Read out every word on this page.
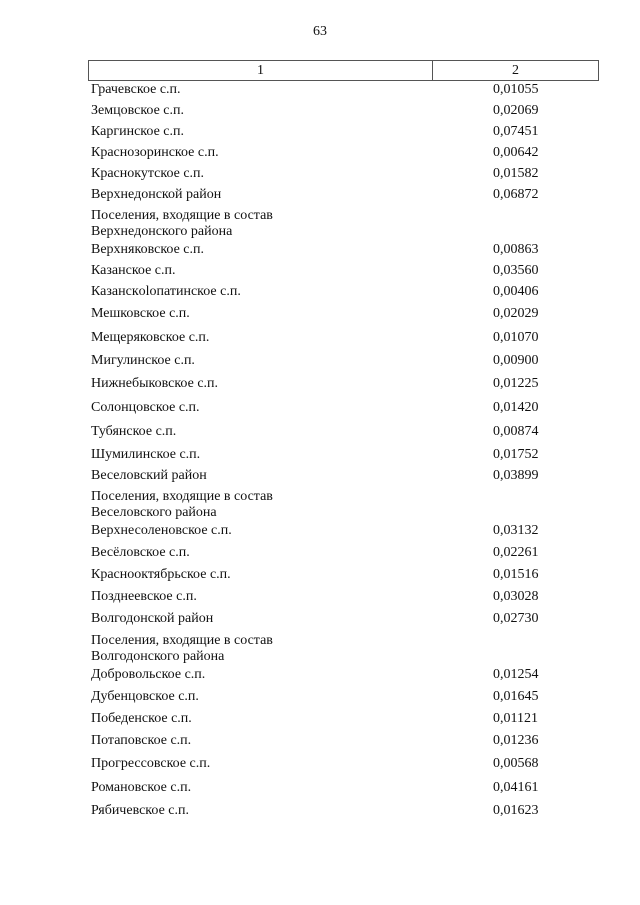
63
1	2
Грачевское с.п.	0,01055
Земцовское с.п.	0,02069
Каргинское с.п.	0,07451
Краснозоринское с.п.	0,00642
Краснокутское с.п.	0,01582
Верхнедонской район	0,06872
Поселения, входящие в состав
Верхнедонского района
Верхняковское с.п.	0,00863
Казанское с.п.	0,03560
Казанскolопатинское с.п.	0,00406
Мешковское с.п.	0,02029
Мещеряковское с.п.	0,01070
Мигулинское с.п.	0,00900
Нижнебыковское с.п.	0,01225
Солонцовское с.п.	0,01420
Тубянское с.п.	0,00874
Шумилинское с.п.	0,01752
Веселовский район	0,03899
Поселения, входящие в состав
Веселовского района
Верхнесоленовское с.п.	0,03132
Весёловское с.п.	0,02261
Краснооктябрьское с.п.	0,01516
Позднеевское с.п.	0,03028
Волгодонской район	0,02730
Поселения, входящие в состав
Волгодонского района
Добровольское с.п.	0,01254
Дубенцовское с.п.	0,01645
Победенское с.п.	0,01121
Потаповское с.п.	0,01236
Прогрессовское с.п.	0,00568
Романовское с.п.	0,04161
Рябичевское с.п.	0,01623
